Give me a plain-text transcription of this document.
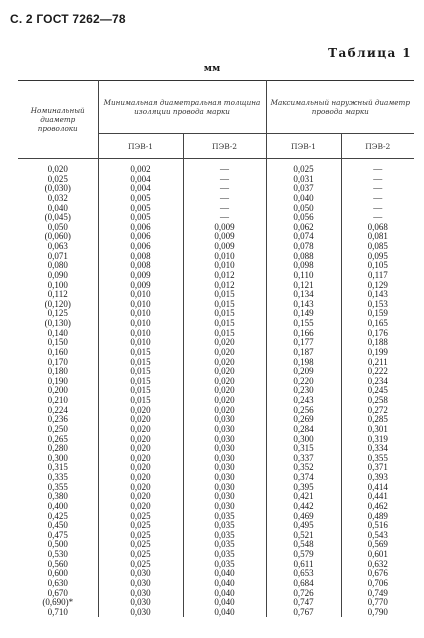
С. 2 ГОСТ 7262—78
Таблица 1
мм
Номинальный диаметр проволоки	Минимальная диаметральная толщина изоляции провода марки		Максимальный наружный диаметр провода марки	
	ПЭВ-1	ПЭВ-2	ПЭВ-1	ПЭВ-2
0,020	0,002	—	0,025	—
0,025	0,004	—	0,031	—
(0,030)	0,004	—	0,037	—
0,032	0,005	—	0,040	—
0,040	0,005	—	0,050	—
(0,045)	0,005	—	0,056	—
0,050	0,006	0,009	0,062	0,068
(0,060)	0,006	0,009	0,074	0,081
0,063	0,006	0,009	0,078	0,085
0,071	0,008	0,010	0,088	0,095
0,080	0,008	0,010	0,098	0,105
0,090	0,009	0,012	0,110	0,117
0,100	0,009	0,012	0,121	0,129
0,112	0,010	0,015	0,134	0,143
(0,120)	0,010	0,015	0,143	0,153
0,125	0,010	0,015	0,149	0,159
(0,130)	0,010	0,015	0,155	0,165
0,140	0,010	0,015	0,166	0,176
0,150	0,010	0,020	0,177	0,188
0,160	0,015	0,020	0,187	0,199
0,170	0,015	0,020	0,198	0,211
0,180	0,015	0,020	0,209	0,222
0,190	0,015	0,020	0,220	0,234
0,200	0,015	0,020	0,230	0,245
0,210	0,015	0,020	0,243	0,258
0,224	0,020	0,020	0,256	0,272
0,236	0,020	0,030	0,269	0,285
0,250	0,020	0,030	0,284	0,301
0,265	0,020	0,030	0,300	0,319
0,280	0,020	0,030	0,315	0,334
0,300	0,020	0,030	0,337	0,355
0,315	0,020	0,030	0,352	0,371
0,335	0,020	0,030	0,374	0,393
0,355	0,020	0,030	0,395	0,414
0,380	0,020	0,030	0,421	0,441
0,400	0,020	0,030	0,442	0,462
0,425	0,025	0,035	0,469	0,489
0,450	0,025	0,035	0,495	0,516
0,475	0,025	0,035	0,521	0,543
0,500	0,025	0,035	0,548	0,569
0,530	0,025	0,035	0,579	0,601
0,560	0,025	0,035	0,611	0,632
0,600	0,030	0,040	0,653	0,676
0,630	0,030	0,040	0,684	0,706
0,670	0,030	0,040	0,726	0,749
(0,690)*	0,030	0,040	0,747	0,770
0,710	0,030	0,040	0,767	0,790
